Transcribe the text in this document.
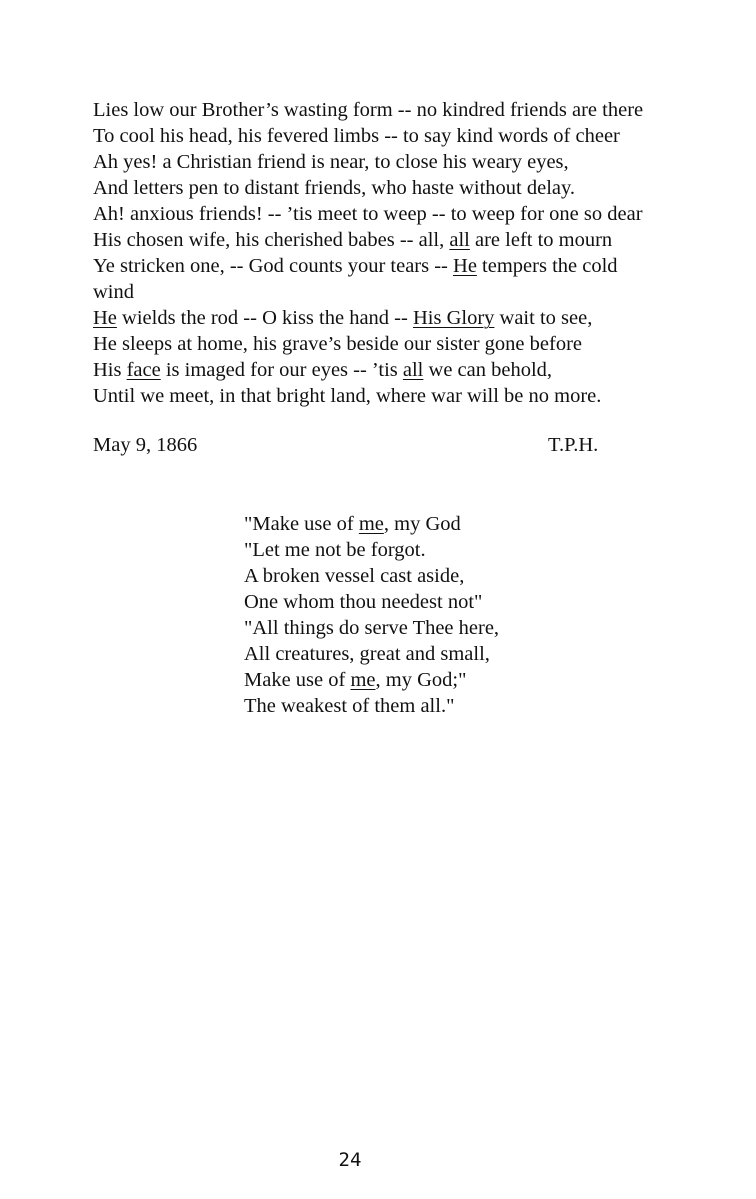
Lies low our Brother’s wasting form -- no kindred friends are there
To cool his head, his fevered limbs -- to say kind words of cheer
Ah yes! a Christian friend is near, to close his weary eyes,
And letters pen to distant friends, who haste without delay.
Ah! anxious friends! -- ’tis meet to weep -- to weep for one so dear
His chosen wife, his cherished babes -- all, all are left to mourn
Ye stricken one, -- God counts your tears -- He tempers the cold
wind
He wields the rod -- O kiss the hand -- His Glory wait to see,
He sleeps at home, his grave’s beside our sister gone before
His face is imaged for our eyes -- ’tis all we can behold,
Until we meet, in that bright land, where war will be no more.
May 9, 1866	T.P.H.
"Make use of me, my God
"Let me not be forgot.
A broken vessel cast aside,
One whom thou needest not"
"All things do serve Thee here,
All creatures, great and small,
Make use of me, my God;"
The weakest of them all."
24
